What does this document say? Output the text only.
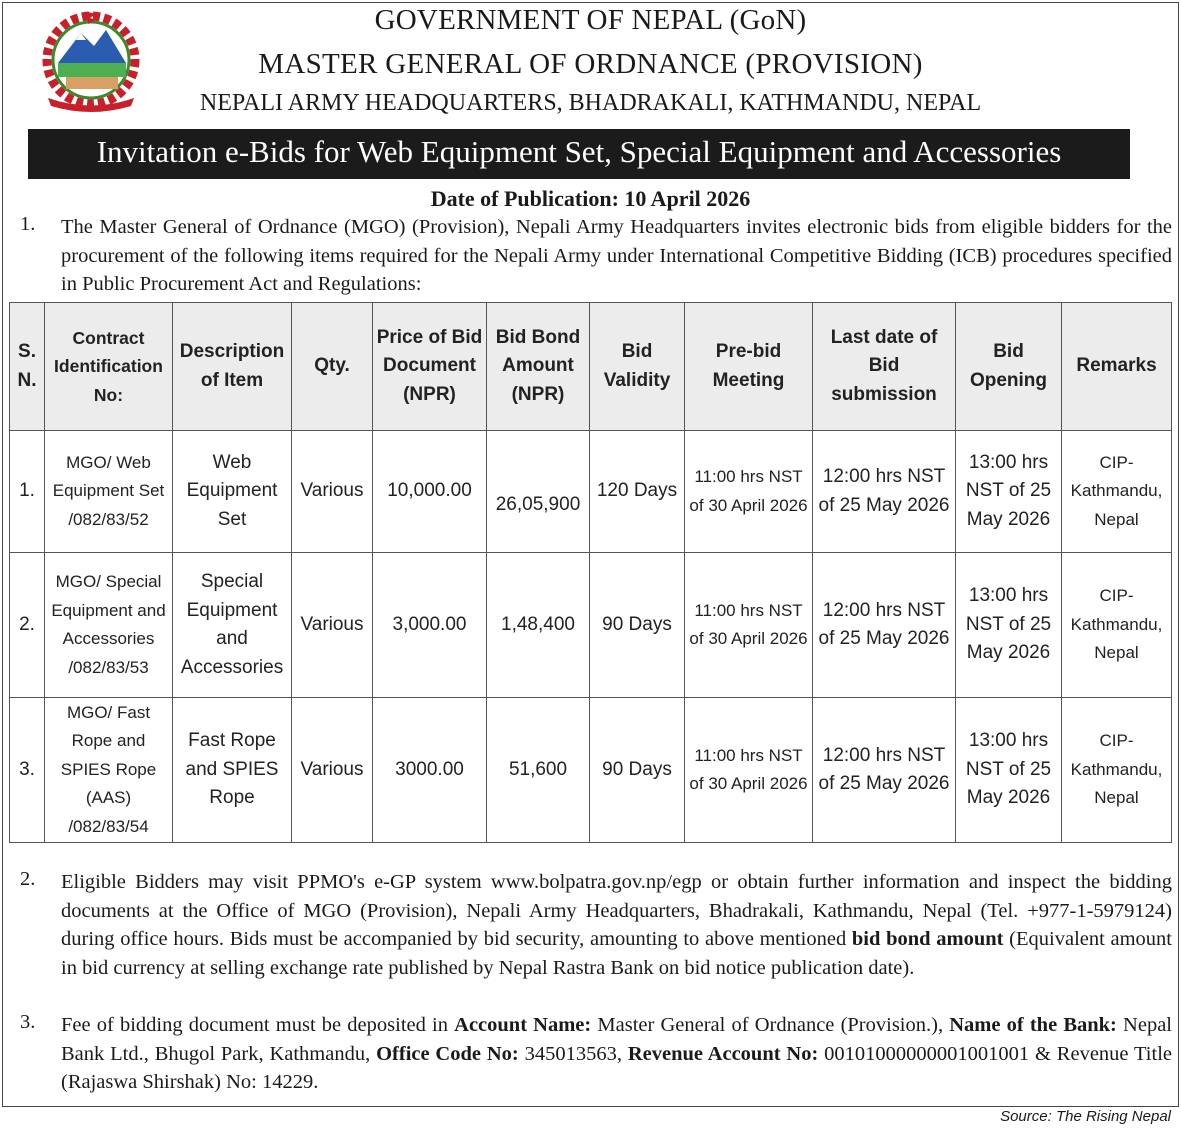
GOVERNMENT OF NEPAL (GoN)
MASTER GENERAL OF ORDNANCE (PROVISION)
NEPALI ARMY HEADQUARTERS, BHADRAKALI, KATHMANDU, NEPAL
Invitation e-Bids for Web Equipment Set, Special Equipment and Accessories
Date of Publication: 10 April 2026
1. The Master General of Ordnance (MGO) (Provision), Nepali Army Headquarters invites electronic bids from eligible bidders for the procurement of the following items required for the Nepali Army under International Competitive Bidding (ICB) procedures specified in Public Procurement Act and Regulations:
S. N.	Contract Identification No:	Description of Item	Qty.	Price of Bid Document (NPR)	Bid Bond Amount (NPR)	Bid Validity	Pre-bid Meeting	Last date of Bid submission	Bid Opening	Remarks
1.	MGO/ Web Equipment Set /082/83/52	Web Equipment Set	Various	10,000.00	26,05,900	120 Days	11:00 hrs NST of 30 April 2026	12:00 hrs NST of 25 May 2026	13:00 hrs NST of 25 May 2026	CIP-Kathmandu, Nepal
2.	MGO/ Special Equipment and Accessories /082/83/53	Special Equipment and Accessories	Various	3,000.00	1,48,400	90 Days	11:00 hrs NST of 30 April 2026	12:00 hrs NST of 25 May 2026	13:00 hrs NST of 25 May 2026	CIP-Kathmandu, Nepal
3.	MGO/ Fast Rope and SPIES Rope (AAS) /082/83/54	Fast Rope and SPIES Rope	Various	3000.00	51,600	90 Days	11:00 hrs NST of 30 April 2026	12:00 hrs NST of 25 May 2026	13:00 hrs NST of 25 May 2026	CIP-Kathmandu, Nepal
2. Eligible Bidders may visit PPMO's e-GP system www.bolpatra.gov.np/egp or obtain further information and inspect the bidding documents at the Office of MGO (Provision), Nepali Army Headquarters, Bhadrakali, Kathmandu, Nepal (Tel. +977-1-5979124) during office hours. Bids must be accompanied by bid security, amounting to above mentioned bid bond amount (Equivalent amount in bid currency at selling exchange rate published by Nepal Rastra Bank on bid notice publication date).
3. Fee of bidding document must be deposited in Account Name: Master General of Ordnance (Provision.), Name of the Bank: Nepal Bank Ltd., Bhugol Park, Kathmandu, Office Code No: 345013563, Revenue Account No: 00101000000001001001 & Revenue Title (Rajaswa Shirshak) No: 14229.
Source: The Rising Nepal
